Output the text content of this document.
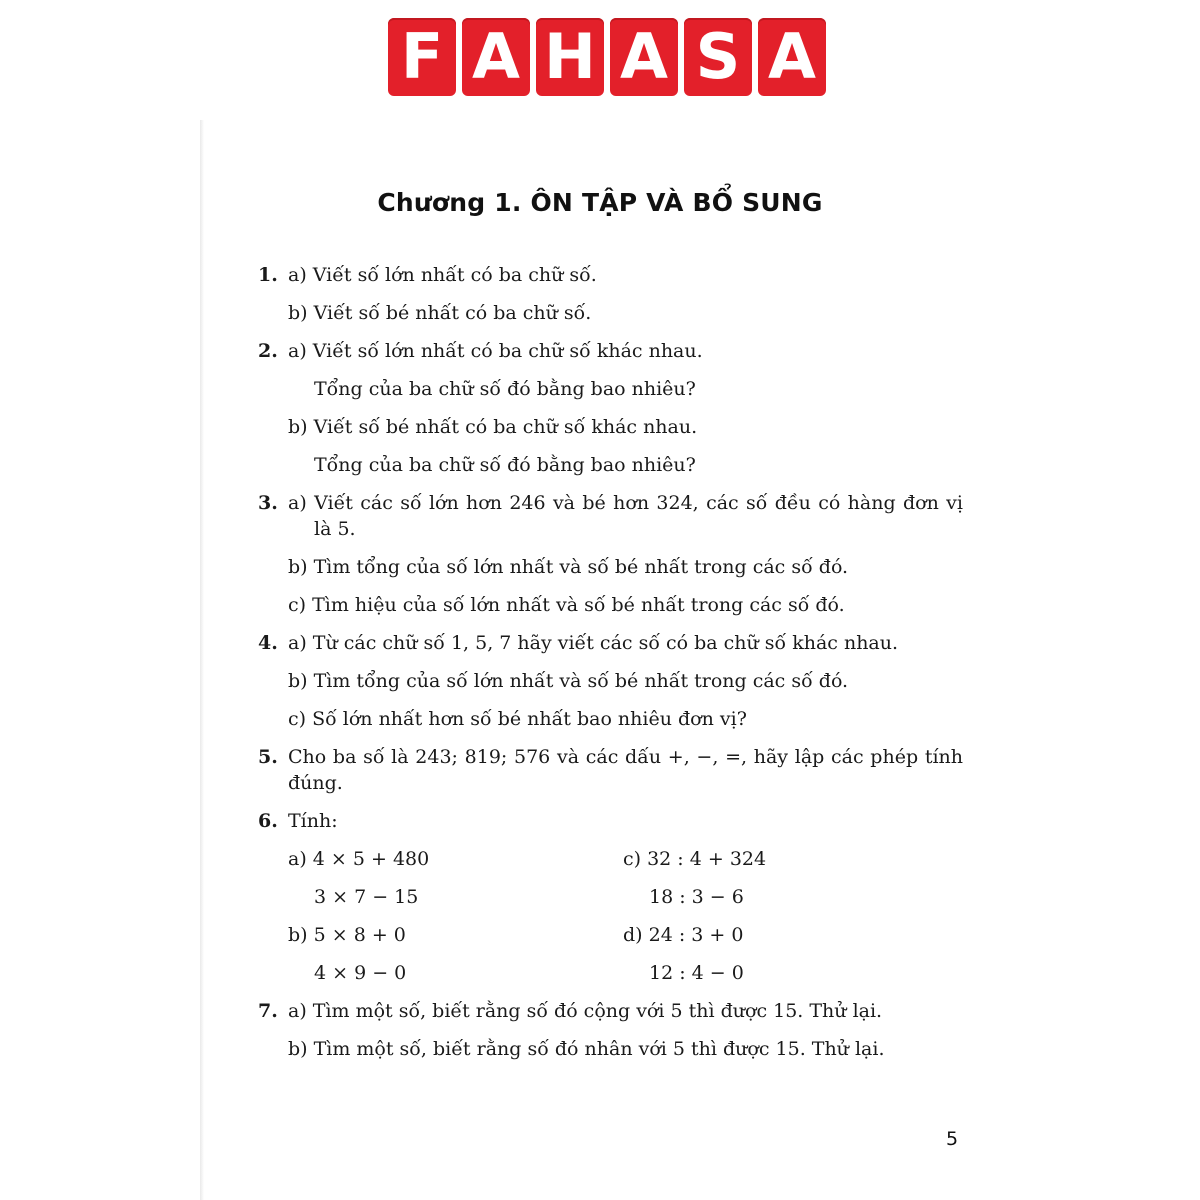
F A H A S A
Chương 1. ÔN TẬP VÀ BỔ SUNG
1. a) Viết số lớn nhất có ba chữ số.
b) Viết số bé nhất có ba chữ số.
2. a) Viết số lớn nhất có ba chữ số khác nhau.
Tổng của ba chữ số đó bằng bao nhiêu?
b) Viết số bé nhất có ba chữ số khác nhau.
Tổng của ba chữ số đó bằng bao nhiêu?
3. a) Viết các số lớn hơn 246 và bé hơn 324, các số đều có hàng đơn vị là 5.
b) Tìm tổng của số lớn nhất và số bé nhất trong các số đó.
c) Tìm hiệu của số lớn nhất và số bé nhất trong các số đó.
4. a) Từ các chữ số 1, 5, 7 hãy viết các số có ba chữ số khác nhau.
b) Tìm tổng của số lớn nhất và số bé nhất trong các số đó.
c) Số lớn nhất hơn số bé nhất bao nhiêu đơn vị?
5. Cho ba số là 243; 819; 576 và các dấu +, −, =, hãy lập các phép tính đúng.
6. Tính:
a) 4 × 5 + 480
3 × 7 − 15
c) 32 : 4 + 324
18 : 3 − 6
b) 5 × 8 + 0
4 × 9 − 0
d) 24 : 3 + 0
12 : 4 − 0
7. a) Tìm một số, biết rằng số đó cộng với 5 thì được 15. Thử lại.
b) Tìm một số, biết rằng số đó nhân với 5 thì được 15. Thử lại.
5
